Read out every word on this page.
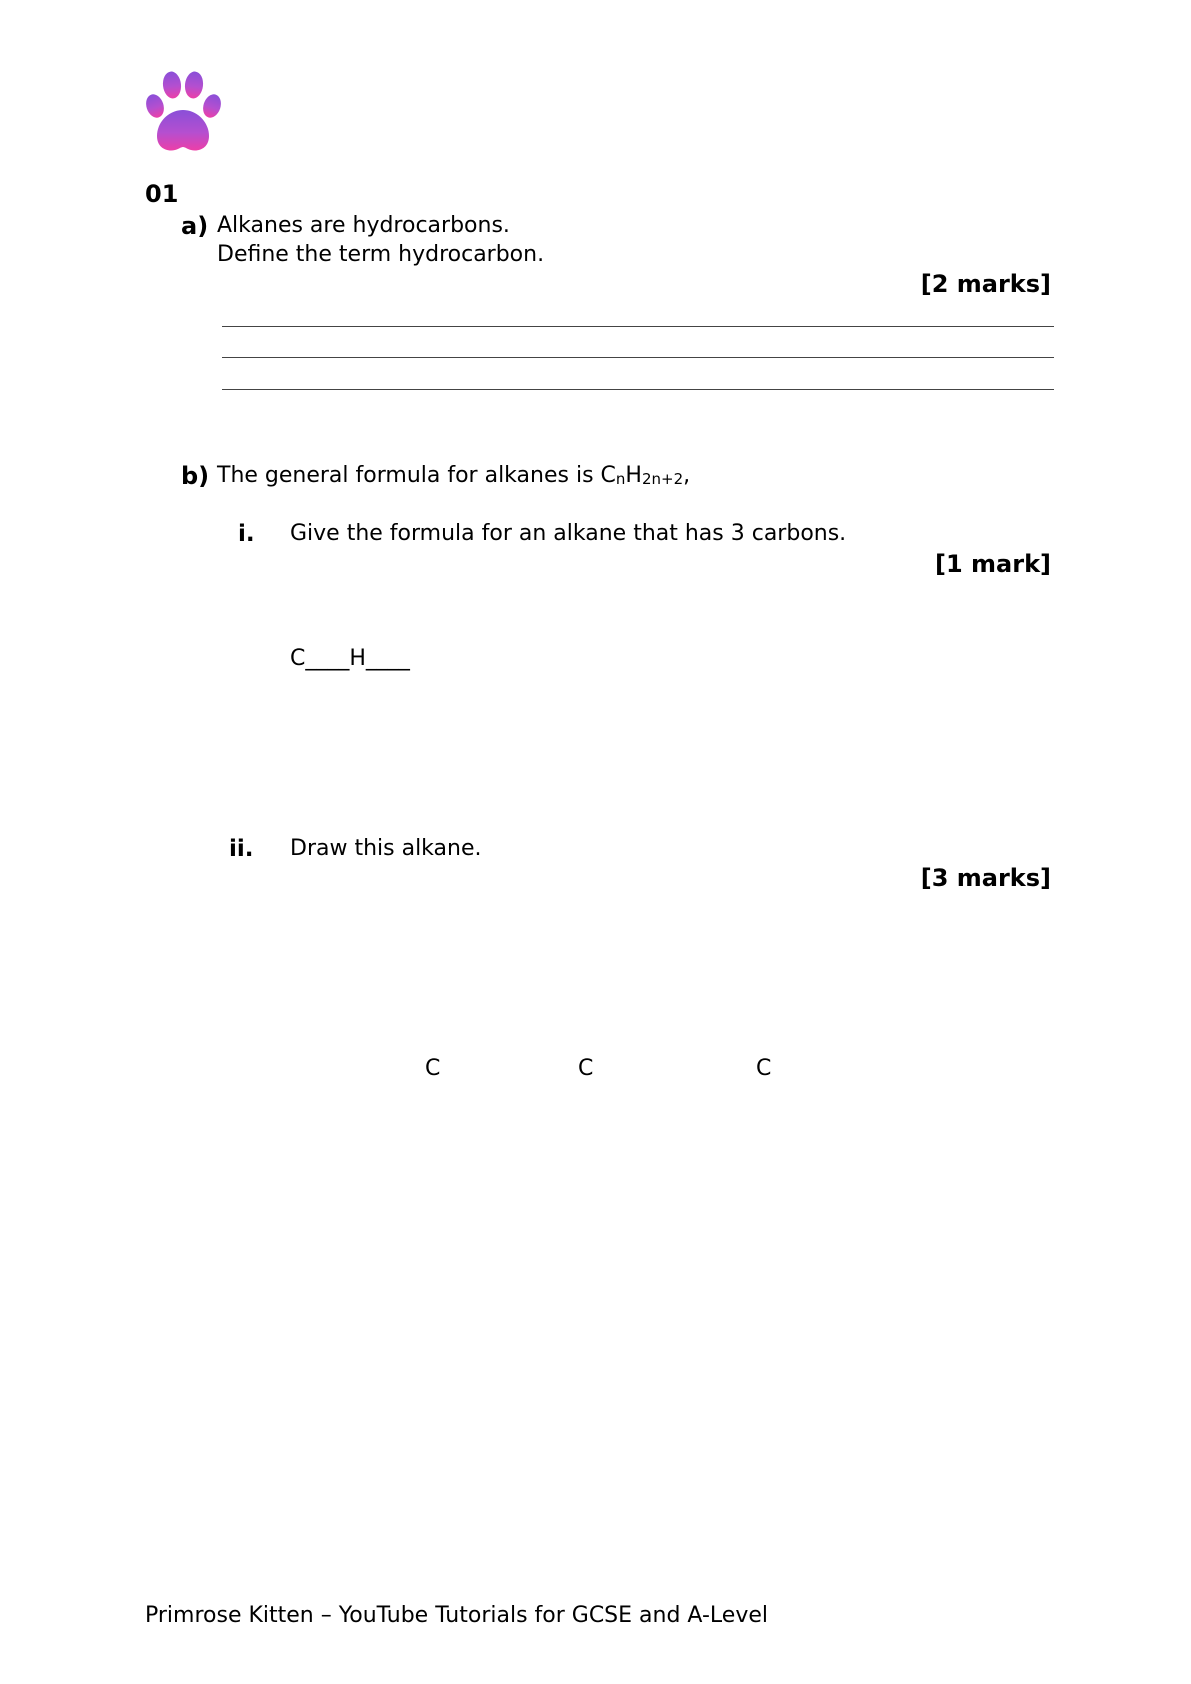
01
a) Alkanes are hydrocarbons.
Define the term hydrocarbon.
[2 marks]
b) The general formula for alkanes is $C_nH_{2n+2}$,
i. Give the formula for an alkane that has 3 carbons.
[1 mark]
C____H____
ii. Draw this alkane.
[3 marks]
C	C	C
Primrose Kitten – YouTube Tutorials for GCSE and A-Level
